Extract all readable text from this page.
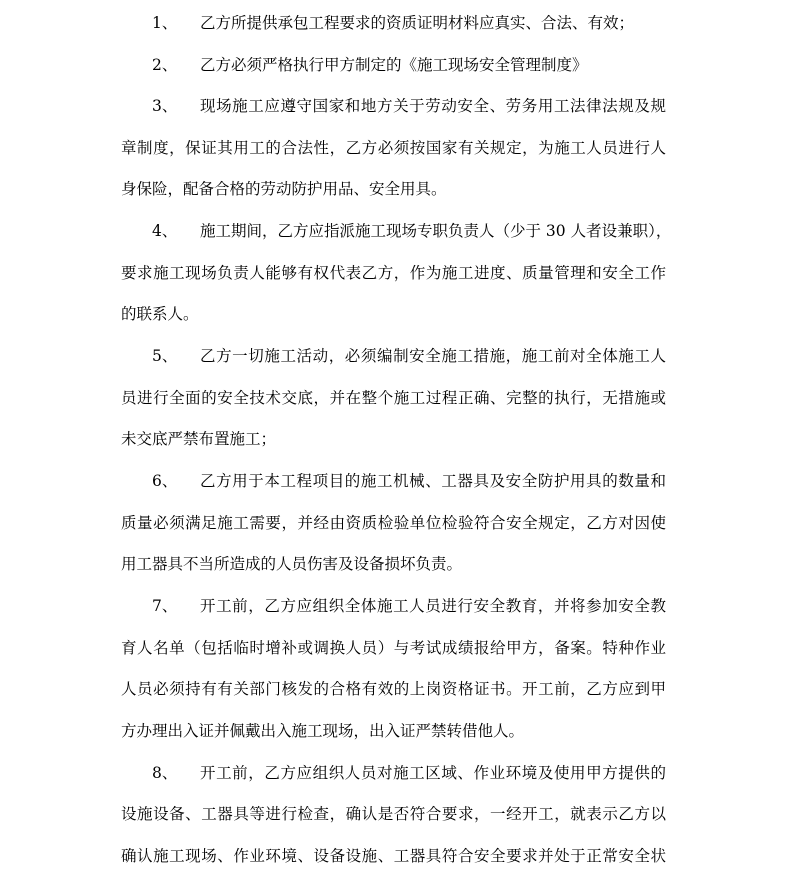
1、 乙方所提供承包工程要求的资质证明材料应真实、合法、有效；
2、 乙方必须严格执行甲方制定的《施工现场安全管理制度》
3、 现场施工应遵守国家和地方关于劳动安全、劳务用工法律法规及规
章制度，保证其用工的合法性，乙方必须按国家有关规定，为施工人员进行人
身保险，配备合格的劳动防护用品、安全用具。
4、 施工期间，乙方应指派施工现场专职负责人（少于 30 人者设兼职），
要求施工现场负责人能够有权代表乙方，作为施工进度、质量管理和安全工作
的联系人。
5、 乙方一切施工活动，必须编制安全施工措施，施工前对全体施工人
员进行全面的安全技术交底，并在整个施工过程正确、完整的执行，无措施或
未交底严禁布置施工；
6、 乙方用于本工程项目的施工机械、工器具及安全防护用具的数量和
质量必须满足施工需要，并经由资质检验单位检验符合安全规定，乙方对因使
用工器具不当所造成的人员伤害及设备损坏负责。
7、 开工前，乙方应组织全体施工人员进行安全教育，并将参加安全教
育人名单（包括临时增补或调换人员）与考试成绩报给甲方，备案。特种作业
人员必须持有有关部门核发的合格有效的上岗资格证书。开工前，乙方应到甲
方办理出入证并佩戴出入施工现场，出入证严禁转借他人。
8、 开工前，乙方应组织人员对施工区域、作业环境及使用甲方提供的
设施设备、工器具等进行检查，确认是否符合要求，一经开工，就表示乙方以
确认施工现场、作业环境、设备设施、工器具符合安全要求并处于正常安全状
